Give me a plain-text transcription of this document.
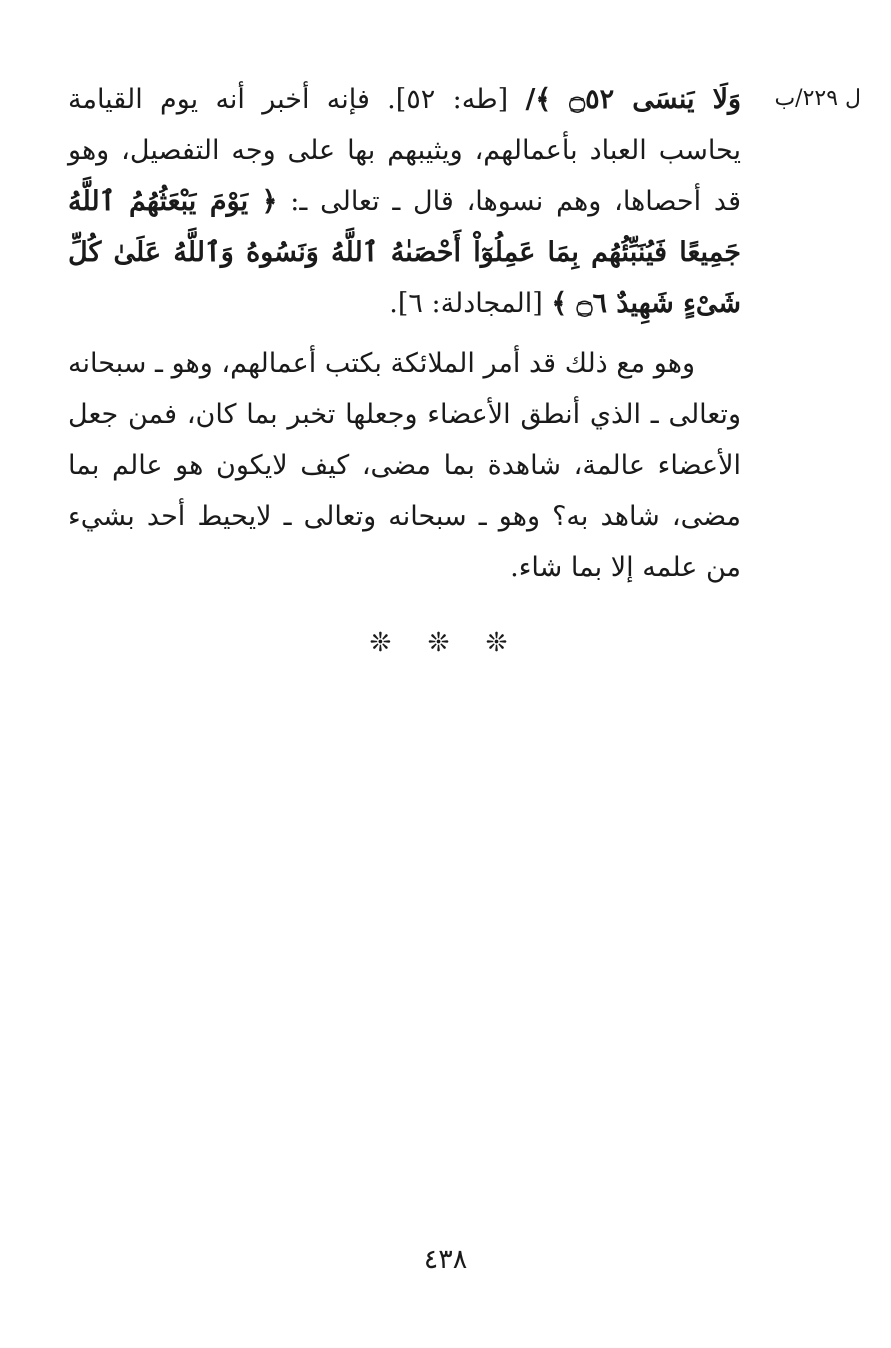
ل ٢٢٩/ب

وَلَا يَنسَى ۝٥٢ ﴾/ [طه: ٥٢]. فإنه أخبر أنه يوم القيامة يحاسب العباد بأعمالهم، ويثيبهم بها على وجه التفصيل، وهو قد أحصاها، وهم نسوها، قال ـ تعالى ـ: ﴿ يَوْمَ يَبْعَثُهُمُ ٱللَّهُ جَمِيعًا فَيُنَبِّئُهُم بِمَا عَمِلُوٓاْ أَحْصَىٰهُ ٱللَّهُ وَنَسُوهُ وَٱللَّهُ عَلَىٰ كُلِّ شَىْءٍ شَهِيدٌ ۝٦ ﴾ [المجادلة: ٦].

وهو مع ذلك قد أمر الملائكة بكتب أعمالهم، وهو ـ سبحانه وتعالى ـ الذي أنطق الأعضاء وجعلها تخبر بما كان، فمن جعل الأعضاء عالمة، شاهدة بما مضى، كيف لايكون هو عالم بما مضى، شاهد به؟ وهو ـ سبحانه وتعالى ـ لايحيط أحد بشيء من علمه إلا بما شاء.

❊ ❊ ❊
٤٣٨
